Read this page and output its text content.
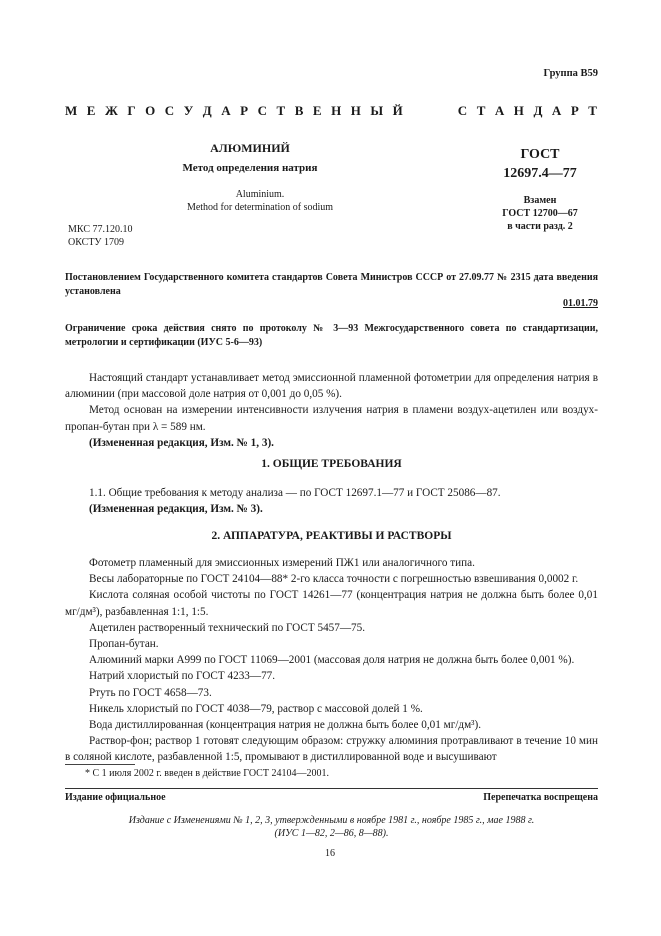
Группа В59
М Е Ж Г О С У Д А Р С Т В Е Н Н Ы Й	С Т А Н Д А Р Т
АЛЮМИНИЙ
Метод определения натрия
Aluminium.
Method for determination of sodium
ГОСТ
12697.4—77
Взамен
ГОСТ 12700—67
в части разд. 2
МКС 77.120.10
ОКСТУ 1709
Постановлением Государственного комитета стандартов Совета Министров СССР от 27.09.77 № 2315 дата введения установлена
01.01.79
Ограничение срока действия снято по протоколу № 3—93 Межгосударственного совета по стандартизации, метрологии и сертификации (ИУС 5-6—93)

Настоящий стандарт устанавливает метод эмиссионной пламенной фотометрии для определения натрия в алюминии (при массовой доле натрия от 0,001 до 0,05 %).

Метод основан на измерении интенсивности излучения натрия в пламени воздух-ацетилен или воздух-пропан-бутан при λ = 589 нм.

(Измененная редакция, Изм. № 1, 3).

1. ОБЩИЕ ТРЕБОВАНИЯ

1.1. Общие требования к методу анализа — по ГОСТ 12697.1—77 и ГОСТ 25086—87.

(Измененная редакция, Изм. № 3).

2. АППАРАТУРА, РЕАКТИВЫ И РАСТВОРЫ

Фотометр пламенный для эмиссионных измерений ПЖ1 или аналогичного типа.

Весы лабораторные по ГОСТ 24104—88* 2-го класса точности с погрешностью взвешивания 0,0002 г.

Кислота соляная особой чистоты по ГОСТ 14261—77 (концентрация натрия не должна быть более 0,01 мг/дм³), разбавленная 1:1, 1:5.

Ацетилен растворенный технический по ГОСТ 5457—75.

Пропан-бутан.

Алюминий марки А999 по ГОСТ 11069—2001 (массовая доля натрия не должна быть более 0,001 %).

Натрий хлористый по ГОСТ 4233—77.

Ртуть по ГОСТ 4658—73.

Никель хлористый по ГОСТ 4038—79, раствор с массовой долей 1 %.

Вода дистиллированная (концентрация натрия не должна быть более 0,01 мг/дм³).

Раствор-фон; раствор 1 готовят следующим образом: стружку алюминия протравливают в течение 10 мин в соляной кислоте, разбавленной 1:5, промывают в дистиллированной воде и высушивают

* С 1 июля 2002 г. введен в действие ГОСТ 24104—2001.
Издание официальное	Перепечатка воспрещена
Издание с Изменениями № 1, 2, 3, утвержденными в ноябре 1981 г., ноябре 1985 г., мае 1988 г.
(ИУС 1—82, 2—86, 8—88).
16
